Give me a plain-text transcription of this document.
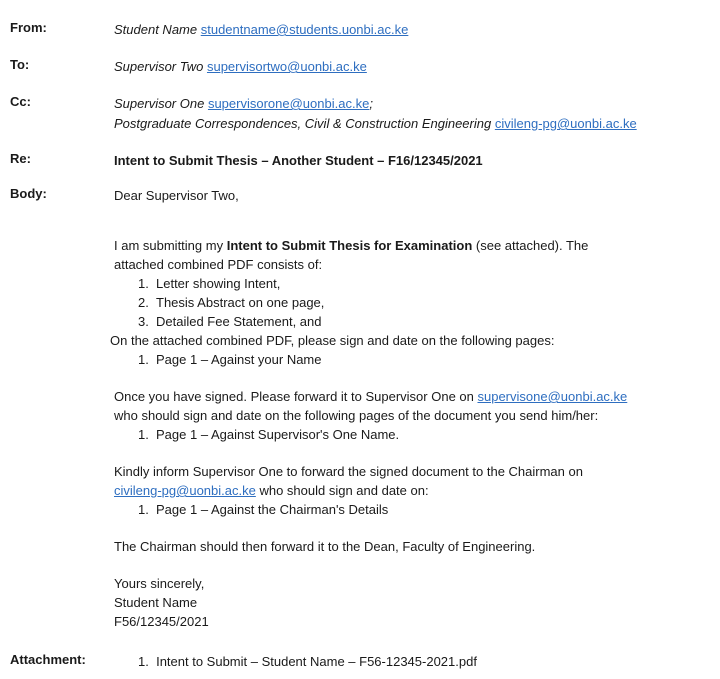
From:	Student Name studentname@students.uonbi.ac.ke
To:	Supervisor Two supervisortwo@uonbi.ac.ke
Cc:	Supervisor One supervisorone@uonbi.ac.ke;
Postgraduate Correspondences, Civil & Construction Engineering civileng-pg@uonbi.ac.ke
Re:	Intent to Submit Thesis – Another Student – F16/12345/2021
Body:	Dear Supervisor Two,

I am submitting my Intent to Submit Thesis for Examination (see attached). The

attached combined PDF consists of:

1. Letter showing Intent,
2. Thesis Abstract on one page,
3. Detailed Fee Statement, and

On the attached combined PDF, please sign and date on the following pages:

1. Page 1 – Against your Name

Once you have signed. Please forward it to Supervisor One on supervisone@uonbi.ac.ke

who should sign and date on the following pages of the document you send him/her:

1. Page 1 – Against Supervisor's One Name.

Kindly inform Supervisor One to forward the signed document to the Chairman on

civileng-pg@uonbi.ac.ke who should sign and date on:

1. Page 1 – Against the Chairman's Details

The Chairman should then forward it to the Dean, Faculty of Engineering.

Yours sincerely,

Student Name

F56/12345/2021

Attachment:	1. Intent to Submit – Student Name – F56-12345-2021.pdf
